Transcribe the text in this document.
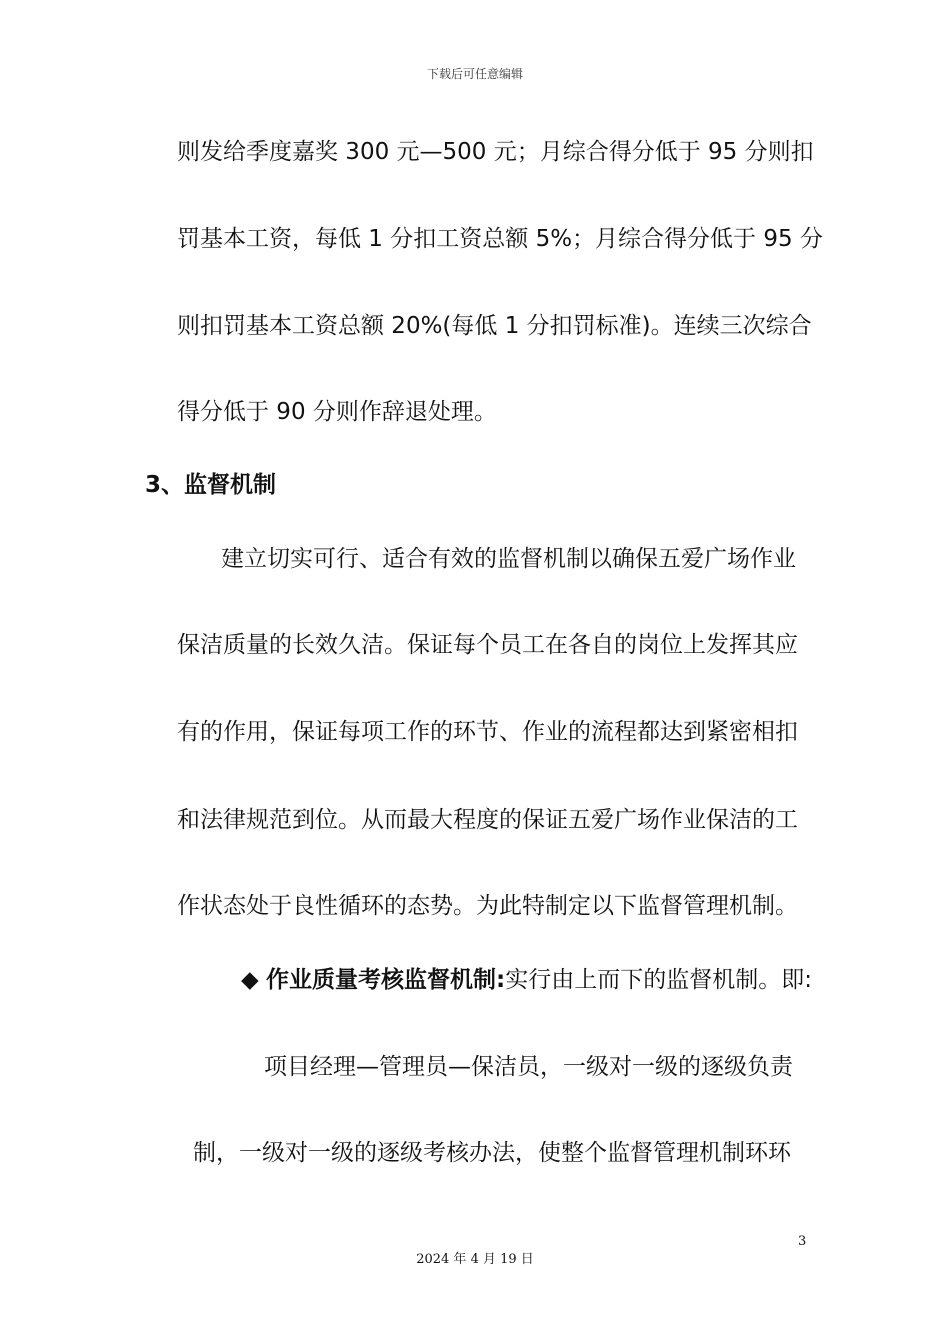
下载后可任意编辑
则发给季度嘉奖 300 元—500 元；月综合得分低于 95 分则扣
罚基本工资，每低 1 分扣工资总额 5%；月综合得分低于 95 分
则扣罚基本工资总额 20%(每低 1 分扣罚标准)。连续三次综合
得分低于 90 分则作辞退处理。
3、监督机制
建立切实可行、适合有效的监督机制以确保五爱广场作业
保洁质量的长效久洁。保证每个员工在各自的岗位上发挥其应
有的作用，保证每项工作的环节、作业的流程都达到紧密相扣
和法律规范到位。从而最大程度的保证五爱广场作业保洁的工
作状态处于良性循环的态势。为此特制定以下监督管理机制。
◆ 作业质量考核监督机制:实行由上而下的监督机制。即:
项目经理—管理员—保洁员，一级对一级的逐级负责
制，一级对一级的逐级考核办法，使整个监督管理机制环环
3
2024 年 4 月 19 日
